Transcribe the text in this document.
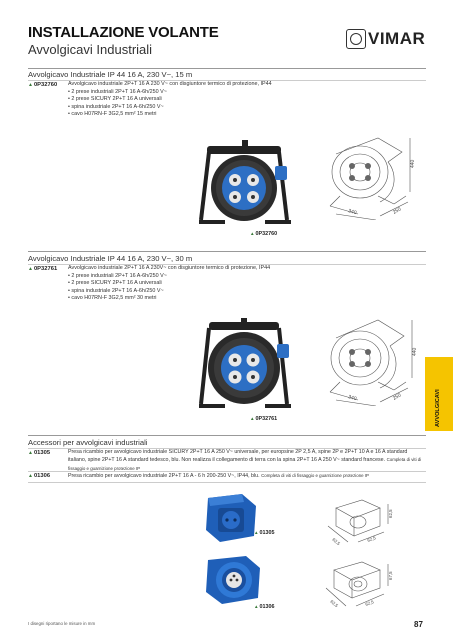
INSTALLAZIONE VOLANTE
Avvolgicavi Industriali
VIMAR
AVVOLGICAVI
Avvolgicavo Industriale IP 44 16 A, 230 V~, 15 m
▲0P32760 Avvolgicavo industriale 2P+T 16 A 230 V~ con disgiuntore termico di protezione, IP44
• 2 prese industriali 2P+T 16 A-6h/250 V~
• 2 prese SICURY 2P+T 16 A universali
• spina industriale 2P+T 16 A-6h/250 V~
• cavo H07RN-F 3G2,5 mm² 15 metri
▲0P32760
440
340	250
Avvolgicavo Industriale IP 44 16 A, 230 V~, 30 m
▲0P32761 Avvolgicavo industriale 2P+T 16 A 230V~ con disgiuntore termico di protezione, IP44
• 2 prese industriali 2P+T 16 A-6h/250 V~
• 2 prese SICURY 2P+T 16 A universali
• spina industriale 2P+T 16 A-6h/250 V~
• cavo H07RN-F 3G2,5 mm² 30 metri
▲0P32761
440
340	250
Accessori per avvolgicavi industriali
▲01305	Presa ricambio per avvolgicavo industriale SICURY 2P+T 16 A 250 V~ universale, per europsine 2P 2,5 A, spine 2P e 2P+T 10 A e 16 A standard italiano, spine 2P+T 16 A standard tedesco, blu. Non realizza il collegamento di terra con la spina 2P+T 16 A 250 V~ standard francese. Completa di viti di fissaggio e guarnizione protezione IP
▲01306	Presa ricambio per avvolgicavo industriale 2P+T 16 A - 6 h 200-250 V~, IP44, blu. Completa di viti di fissaggio e guarnizione protezione IP
▲01305
62,5
62,5	62,5
▲01306
67,5
62,5	62,5
I disegni riportano le misure in mm	87
